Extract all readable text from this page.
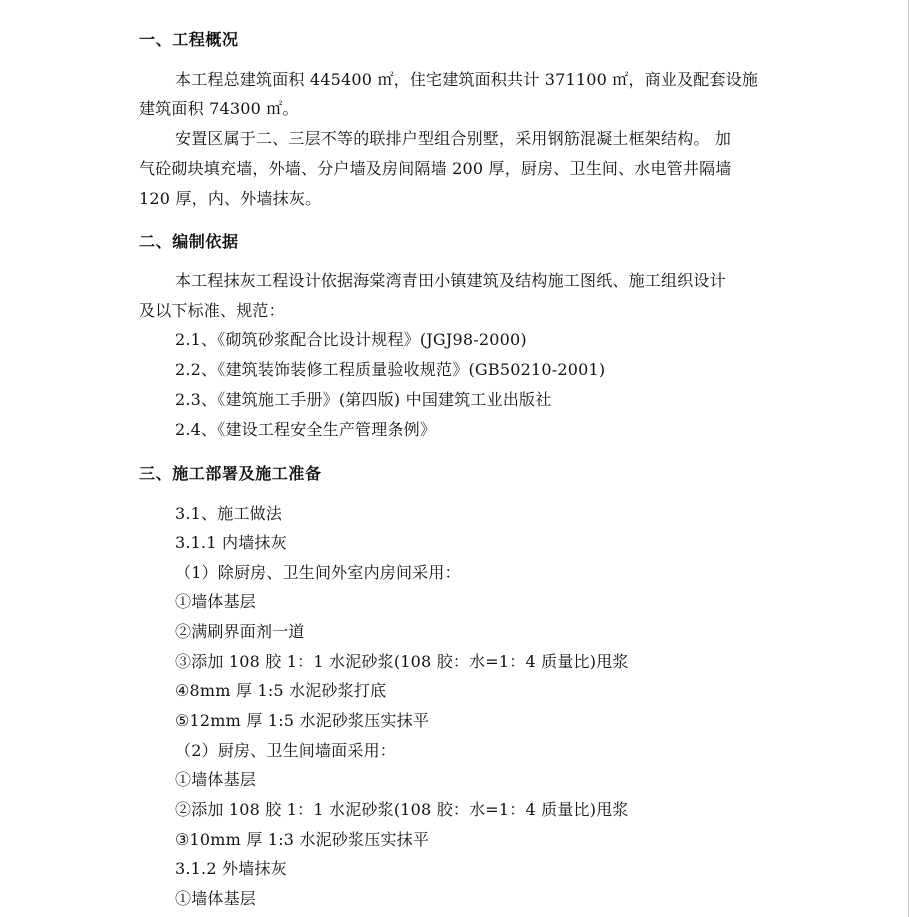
一、工程概况
本工程总建筑面积 445400 ㎡，住宅建筑面积共计 371100 ㎡，商业及配套设施
建筑面积 74300 ㎡。
安置区属于二、三层不等的联排户型组合别墅，采用钢筋混凝土框架结构。 加
气砼砌块填充墙，外墙、分户墙及房间隔墙 200 厚，厨房、卫生间、水电管井隔墙
120 厚，内、外墙抹灰。
二、编制依据
本工程抹灰工程设计依据海棠湾青田小镇建筑及结构施工图纸、施工组织设计
及以下标准、规范：
2.1、《砌筑砂浆配合比设计规程》(JGJ98-2000)
2.2、《建筑装饰装修工程质量验收规范》(GB50210-2001)
2.3、《建筑施工手册》(第四版) 中国建筑工业出版社
2.4、《建设工程安全生产管理条例》
三、施工部署及施工准备
3.1、施工做法
3.1.1 内墙抹灰
（1）除厨房、卫生间外室内房间采用：
①墙体基层
②满刷界面剂一道
③添加 108 胶 1：1 水泥砂浆(108 胶：水=1：4 质量比)甩浆
④8mm 厚 1:5 水泥砂浆打底
⑤12mm 厚 1:5 水泥砂浆压实抹平
（2）厨房、卫生间墙面采用：
①墙体基层
②添加 108 胶 1：1 水泥砂浆(108 胶：水=1：4 质量比)甩浆
③10mm 厚 1:3 水泥砂浆压实抹平
3.1.2 外墙抹灰
①墙体基层
